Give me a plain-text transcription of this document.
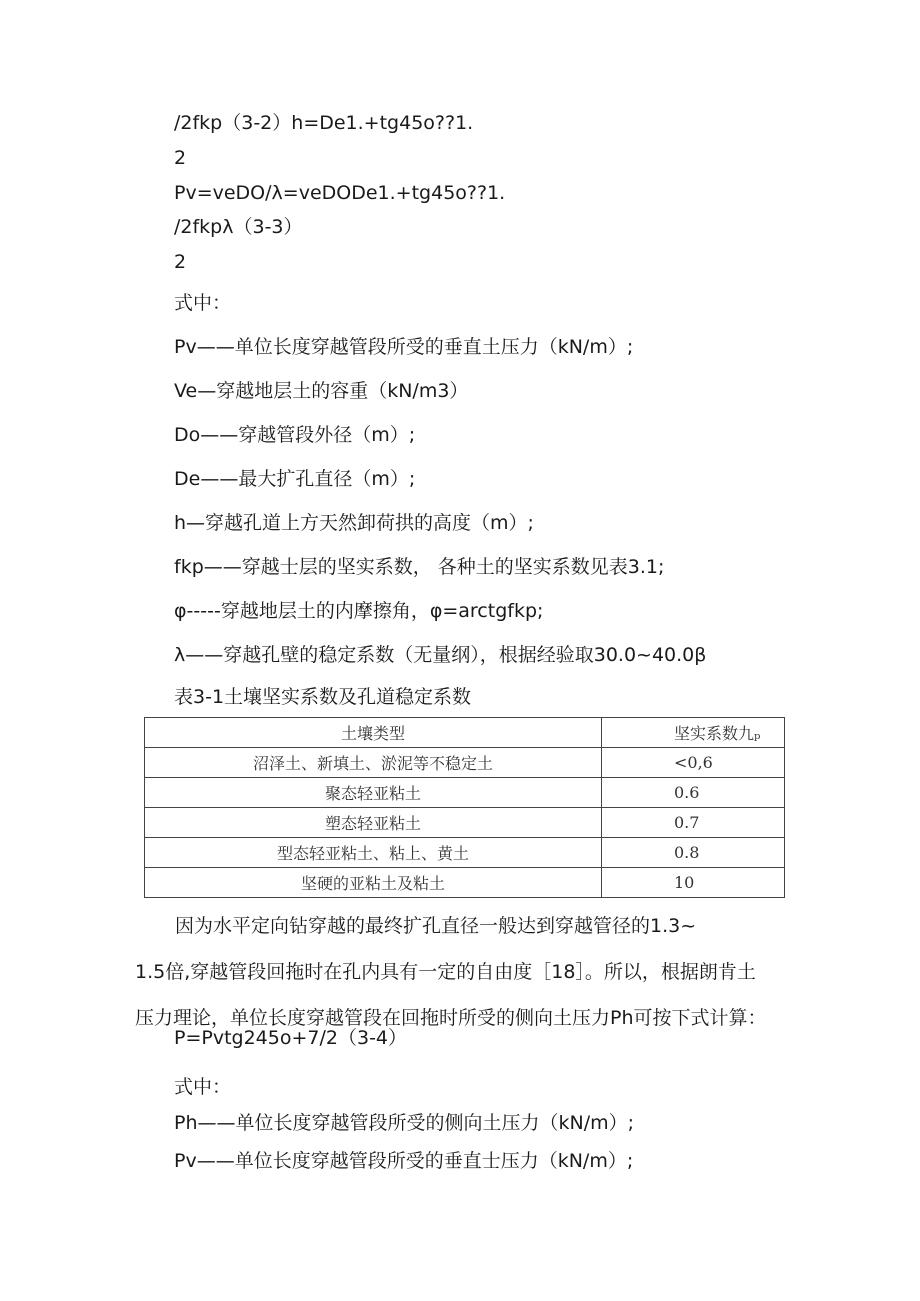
∕2fkp（3-2）h=De1.+tg45o??1.
2
Pv=veDO∕λ=veDODe1.+tg45o??1.
∕2fkpλ（3-3）
2
式中：
Pv——单位长度穿越管段所受的垂直土压力（kN/m）;
Ve—穿越地层土的容重（kN∕m3）
Do——穿越管段外径（m）;
De——最大扩孔直径（m）;
h—穿越孔道上方天然卸荷拱的高度（m）;
fkp——穿越士层的坚实系数， 各种土的坚实系数见表3.1;
φ-----穿越地层土的内摩擦角，φ=arctgfkp;
λ——穿越孔壁的稳定系数（无量纲），根据经验取30.0~40.0β
表3-1土壤坚实系数及孔道稳定系数
土壤类型	坚实系数九ₚ
沼泽土、新填土、淤泥等不稳定土	<0,6
聚态轻亚粘土	0.6
塑态轻亚粘土	0.7
型态轻亚粘土、粘上、黄土	0.8
坚硬的亚粘土及粘土	10

因为水平定向钻穿越的最终扩孔直径一般达到穿越管径的1.3~

1.5倍,穿越管段回拖时在孔内具有一定的自由度［18］。所以，根据朗肯土

压力理论，单位长度穿越管段在回拖时所受的侧向土压力Ph可按下式计算：

P=Pvtg245o+7∕2（3-4）
式中：
Ph——单位长度穿越管段所受的侧向土压力（kN/m）;
Pv——单位长度穿越管段所受的垂直士压力（kN/m）;
